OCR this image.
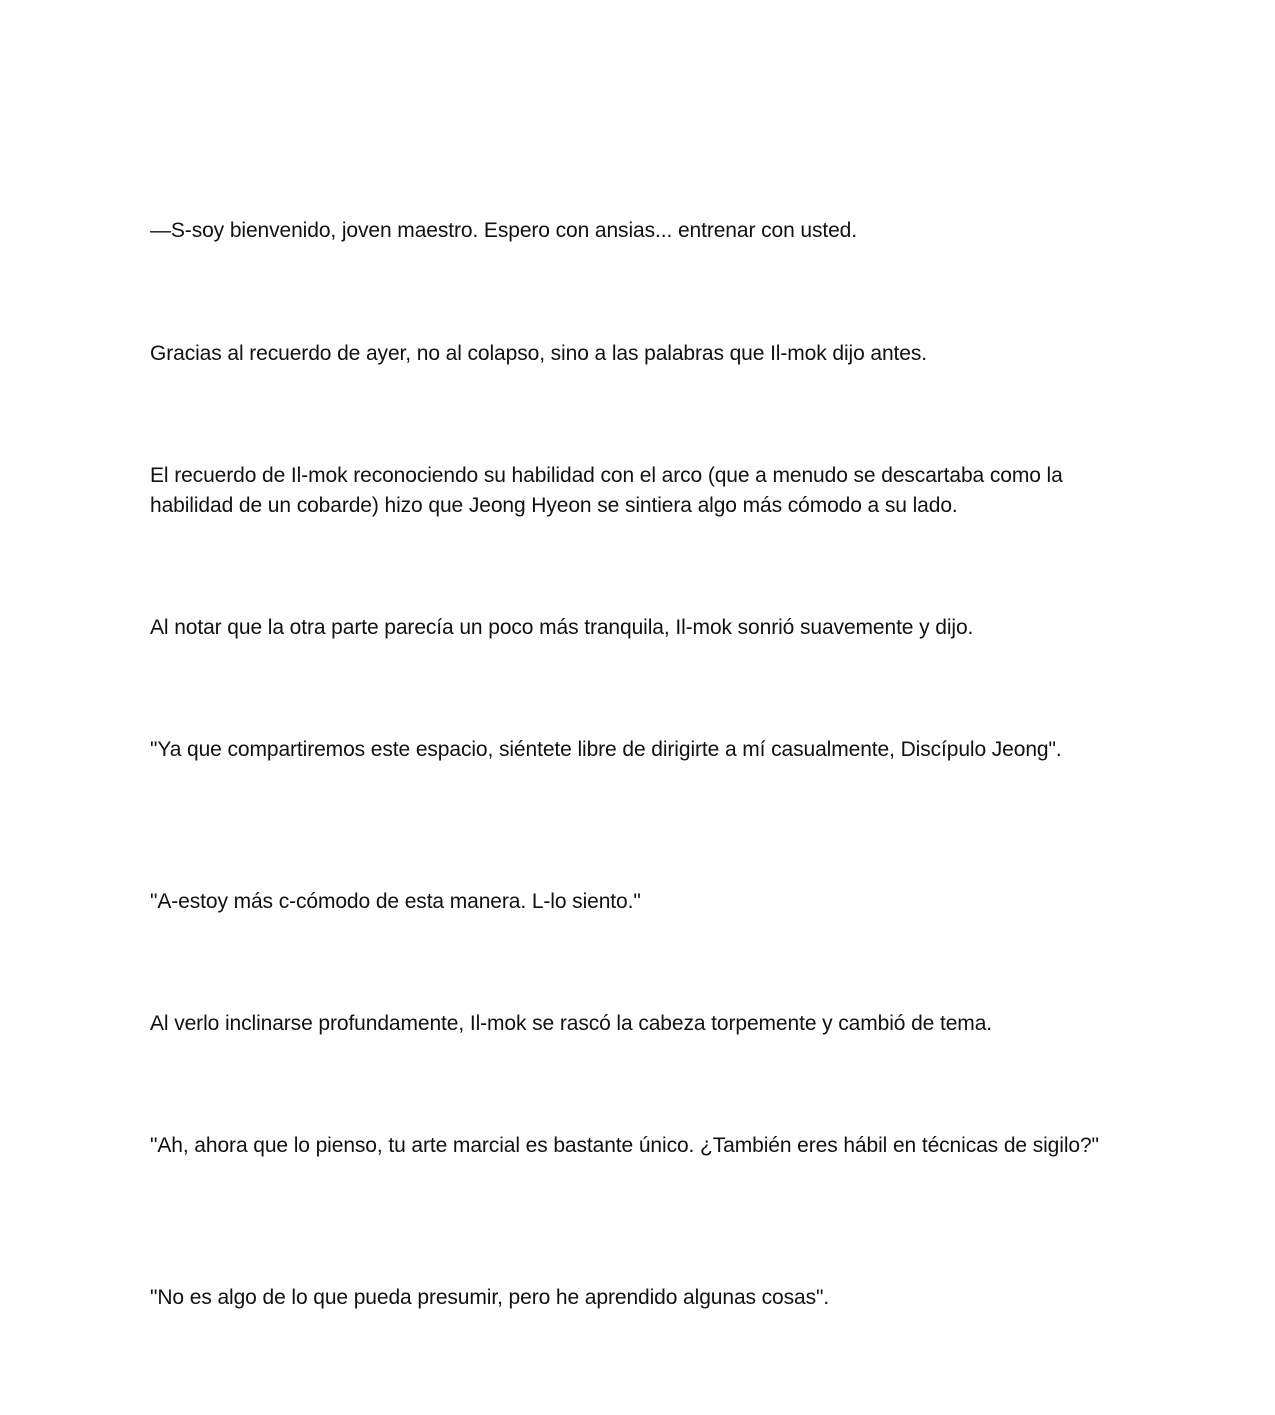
—S-soy bienvenido, joven maestro. Espero con ansias... entrenar con usted.

Gracias al recuerdo de ayer, no al colapso, sino a las palabras que Il-mok dijo antes.

El recuerdo de Il-mok reconociendo su habilidad con el arco (que a menudo se descartaba como la habilidad de un cobarde) hizo que Jeong Hyeon se sintiera algo más cómodo a su lado.

Al notar que la otra parte parecía un poco más tranquila, Il-mok sonrió suavemente y dijo.

"Ya que compartiremos este espacio, siéntete libre de dirigirte a mí casualmente, Discípulo Jeong".

"A-estoy más c-cómodo de esta manera. L-lo siento."

Al verlo inclinarse profundamente, Il-mok se rascó la cabeza torpemente y cambió de tema.

"Ah, ahora que lo pienso, tu arte marcial es bastante único. ¿También eres hábil en técnicas de sigilo?"

"No es algo de lo que pueda presumir, pero he aprendido algunas cosas".
